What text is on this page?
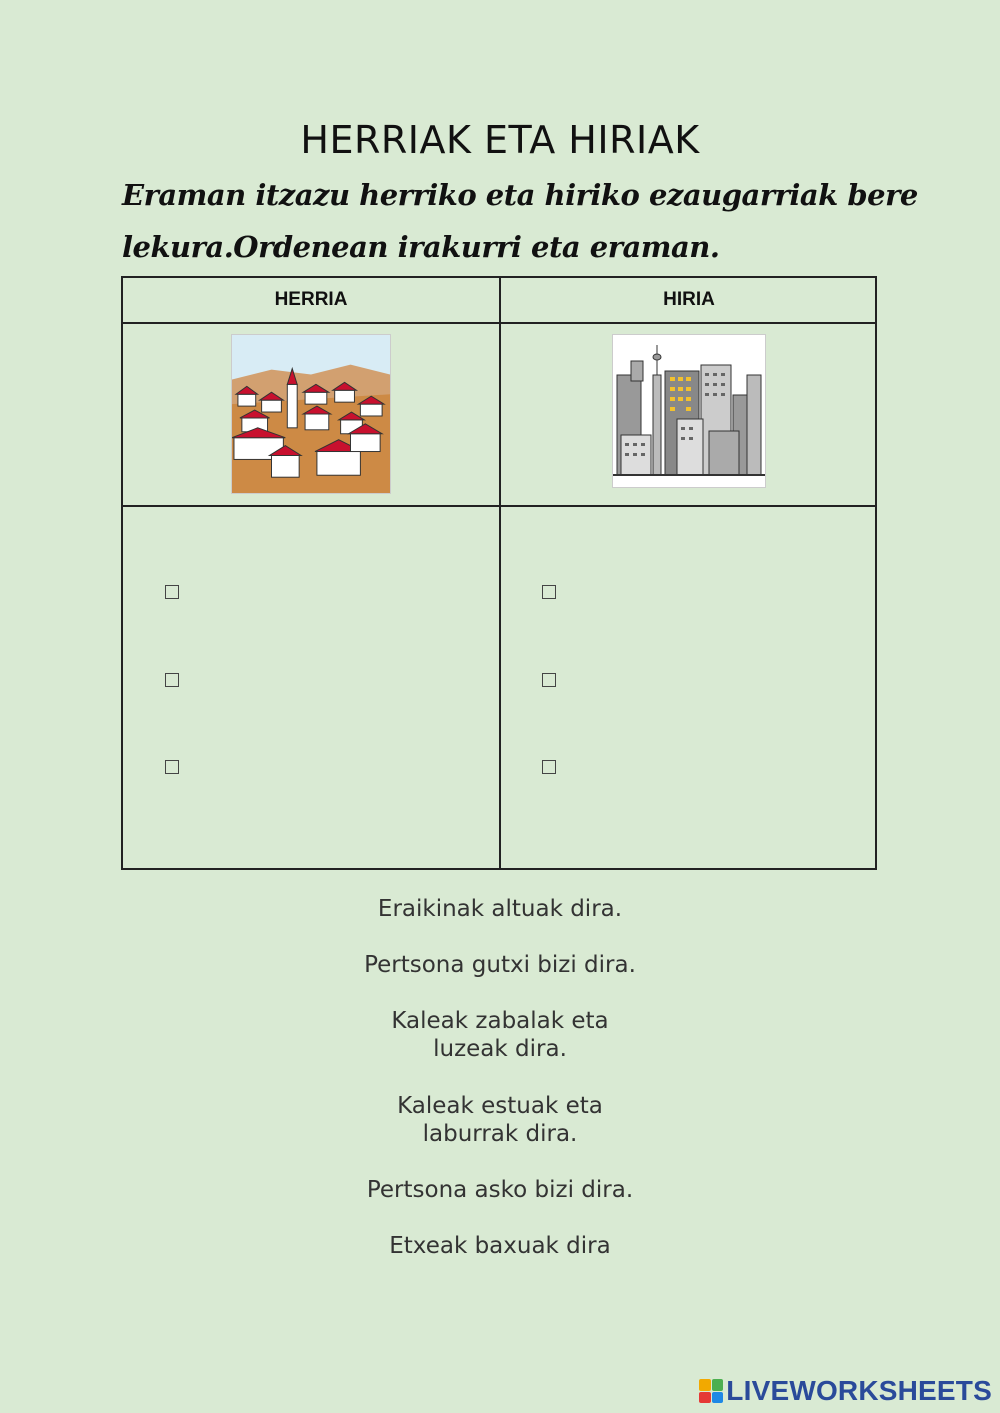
HERRIAK ETA HIRIAK
Eraman itzazu herriko eta hiriko ezaugarriak bere
lekura.Ordenean irakurri eta eraman.
HERRIA	HIRIA
Eraikinak altuak dira.
Pertsona gutxi bizi dira.
Kaleak zabalak eta
luzeak dira.
Kaleak estuak eta
laburrak dira.
Pertsona asko bizi dira.
Etxeak baxuak dira
LIVEWORKSHEETS
